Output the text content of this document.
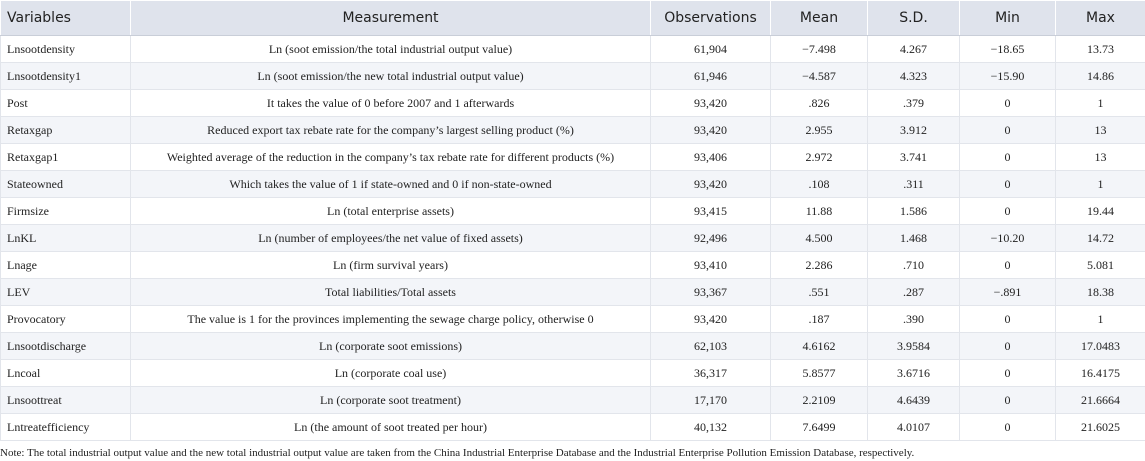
Variables	Measurement	Observations	Mean	S.D.	Min	Max
Lnsootdensity	Ln (soot emission/the total industrial output value)	61,904	−7.498	4.267	−18.65	13.73
Lnsootdensity1	Ln (soot emission/the new total industrial output value)	61,946	−4.587	4.323	−15.90	14.86
Post	It takes the value of 0 before 2007 and 1 afterwards	93,420	.826	.379	0	1
Retaxgap	Reduced export tax rebate rate for the company’s largest selling product (%)	93,420	2.955	3.912	0	13
Retaxgap1	Weighted average of the reduction in the company’s tax rebate rate for different products (%)	93,406	2.972	3.741	0	13
Stateowned	Which takes the value of 1 if state-owned and 0 if non-state-owned	93,420	.108	.311	0	1
Firmsize	Ln (total enterprise assets)	93,415	11.88	1.586	0	19.44
LnKL	Ln (number of employees/the net value of fixed assets)	92,496	4.500	1.468	−10.20	14.72
Lnage	Ln (firm survival years)	93,410	2.286	.710	0	5.081
LEV	Total liabilities/Total assets	93,367	.551	.287	−.891	18.38
Provocatory	The value is 1 for the provinces implementing the sewage charge policy, otherwise 0	93,420	.187	.390	0	1
Lnsootdischarge	Ln (corporate soot emissions)	62,103	4.6162	3.9584	0	17.0483
Lncoal	Ln (corporate coal use)	36,317	5.8577	3.6716	0	16.4175
Lnsoottreat	Ln (corporate soot treatment)	17,170	2.2109	4.6439	0	21.6664
Lntreatefficiency	Ln (the amount of soot treated per hour)	40,132	7.6499	4.0107	0	21.6025
Note: The total industrial output value and the new total industrial output value are taken from the China Industrial Enterprise Database and the Industrial Enterprise Pollution Emission Database, respectively.
